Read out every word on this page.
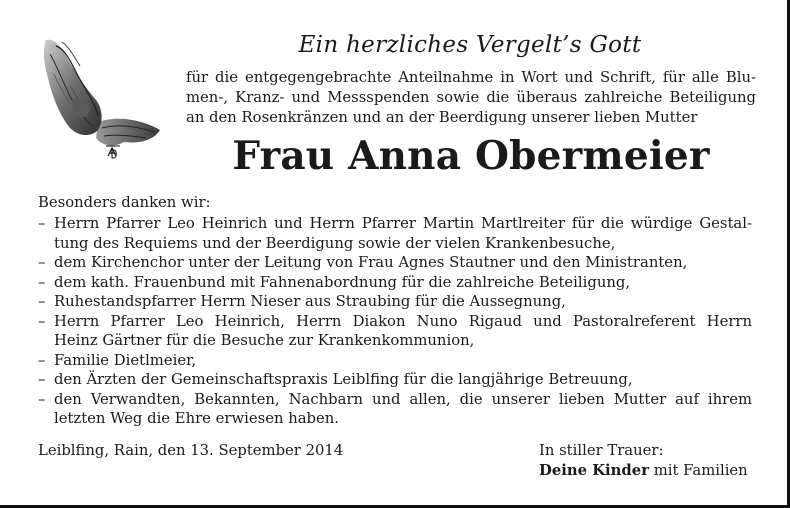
Ein herzliches Vergelt’s Gott
für die entgegengebrachte Anteilnahme in Wort und Schrift, für alle Blu-
men-, Kranz- und Messspenden sowie die überaus zahlreiche Beteiligung
an den Rosenkränzen und an der Beerdigung unserer lieben Mutter
Frau Anna Obermeier
Besonders danken wir:
– Herrn Pfarrer Leo Heinrich und Herrn Pfarrer Martin Martlreiter für die würdige Gestal-
tung des Requiems und der Beerdigung sowie der vielen Krankenbesuche,
– dem Kirchenchor unter der Leitung von Frau Agnes Stautner und den Ministranten,
– dem kath. Frauenbund mit Fahnenabordnung für die zahlreiche Beteiligung,
– Ruhestandspfarrer Herrn Nieser aus Straubing für die Aussegnung,
– Herrn Pfarrer Leo Heinrich, Herrn Diakon Nuno Rigaud und Pastoralreferent Herrn
Heinz Gärtner für die Besuche zur Krankenkommunion,
– Familie Dietlmeier,
– den Ärzten der Gemeinschaftspraxis Leiblfing für die langjährige Betreuung,
– den Verwandten, Bekannten, Nachbarn und allen, die unserer lieben Mutter auf ihrem
letzten Weg die Ehre erwiesen haben.
Leiblfing, Rain, den 13. September 2014	In stiller Trauer:
Deine Kinder mit Familien
